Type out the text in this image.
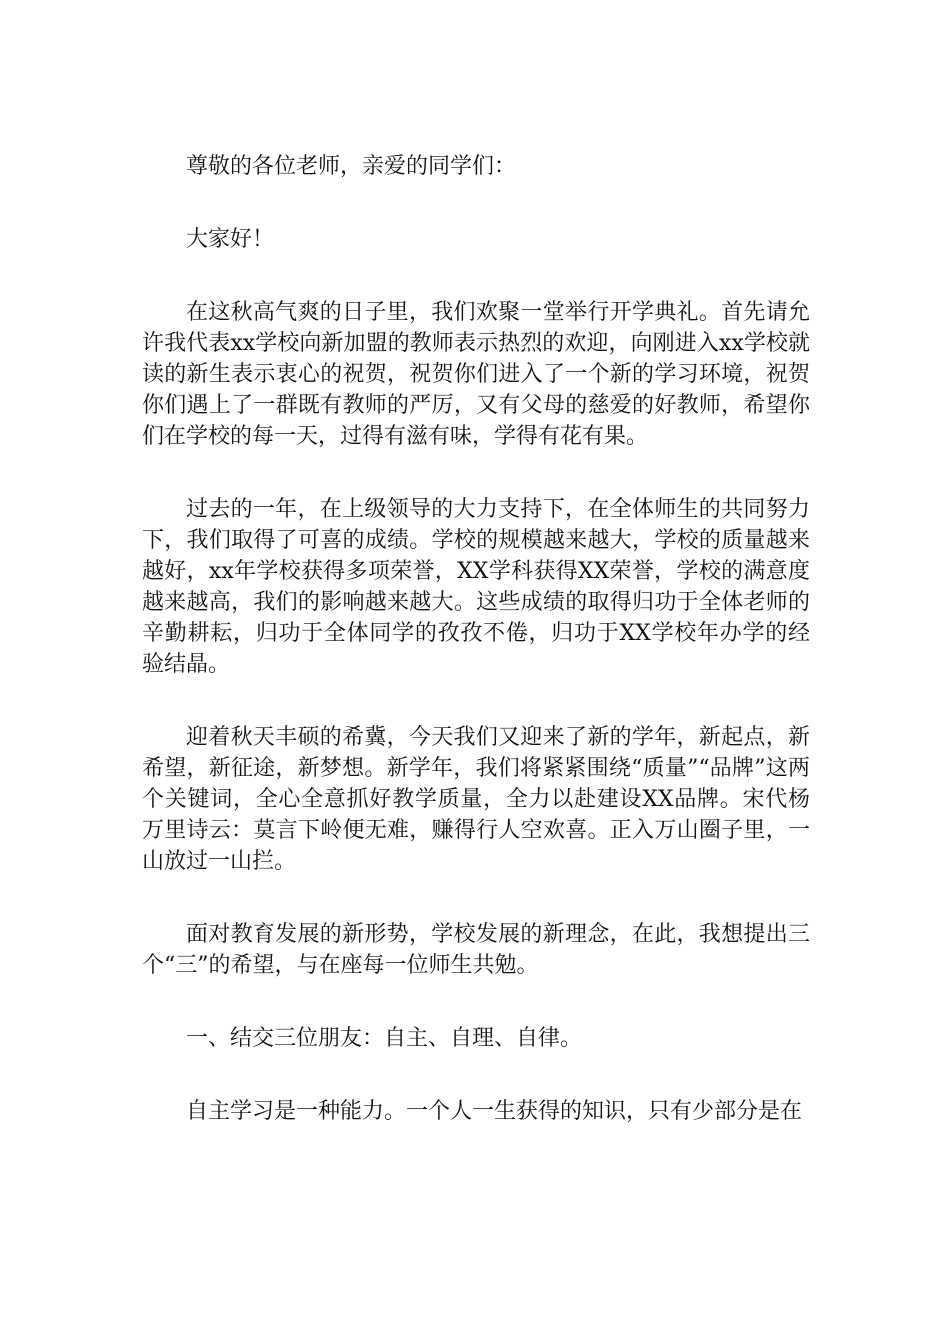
尊敬的各位老师，亲爱的同学们：

大家好！

在这秋高气爽的日子里，我们欢聚一堂举行开学典礼。首先请允许我代表xx学校向新加盟的教师表示热烈的欢迎，向刚进入xx学校就读的新生表示衷心的祝贺，祝贺你们进入了一个新的学习环境，祝贺你们遇上了一群既有教师的严厉，又有父母的慈爱的好教师，希望你们在学校的每一天，过得有滋有味，学得有花有果。

过去的一年，在上级领导的大力支持下，在全体师生的共同努力下，我们取得了可喜的成绩。学校的规模越来越大，学校的质量越来越好，xx年学校获得多项荣誉，XX学科获得XX荣誉，学校的满意度越来越高，我们的影响越来越大。这些成绩的取得归功于全体老师的辛勤耕耘，归功于全体同学的孜孜不倦，归功于XX学校年办学的经验结晶。

迎着秋天丰硕的希冀，今天我们又迎来了新的学年，新起点，新希望，新征途，新梦想。新学年，我们将紧紧围绕“质量”“品牌”这两个关键词，全心全意抓好教学质量，全力以赴建设XX品牌。宋代杨万里诗云：莫言下岭便无难，赚得行人空欢喜。正入万山圈子里，一山放过一山拦。

面对教育发展的新形势，学校发展的新理念，在此，我想提出三个“三”的希望，与在座每一位师生共勉。

一、结交三位朋友：自主、自理、自律。

自主学习是一种能力。一个人一生获得的知识，只有少部分是在
